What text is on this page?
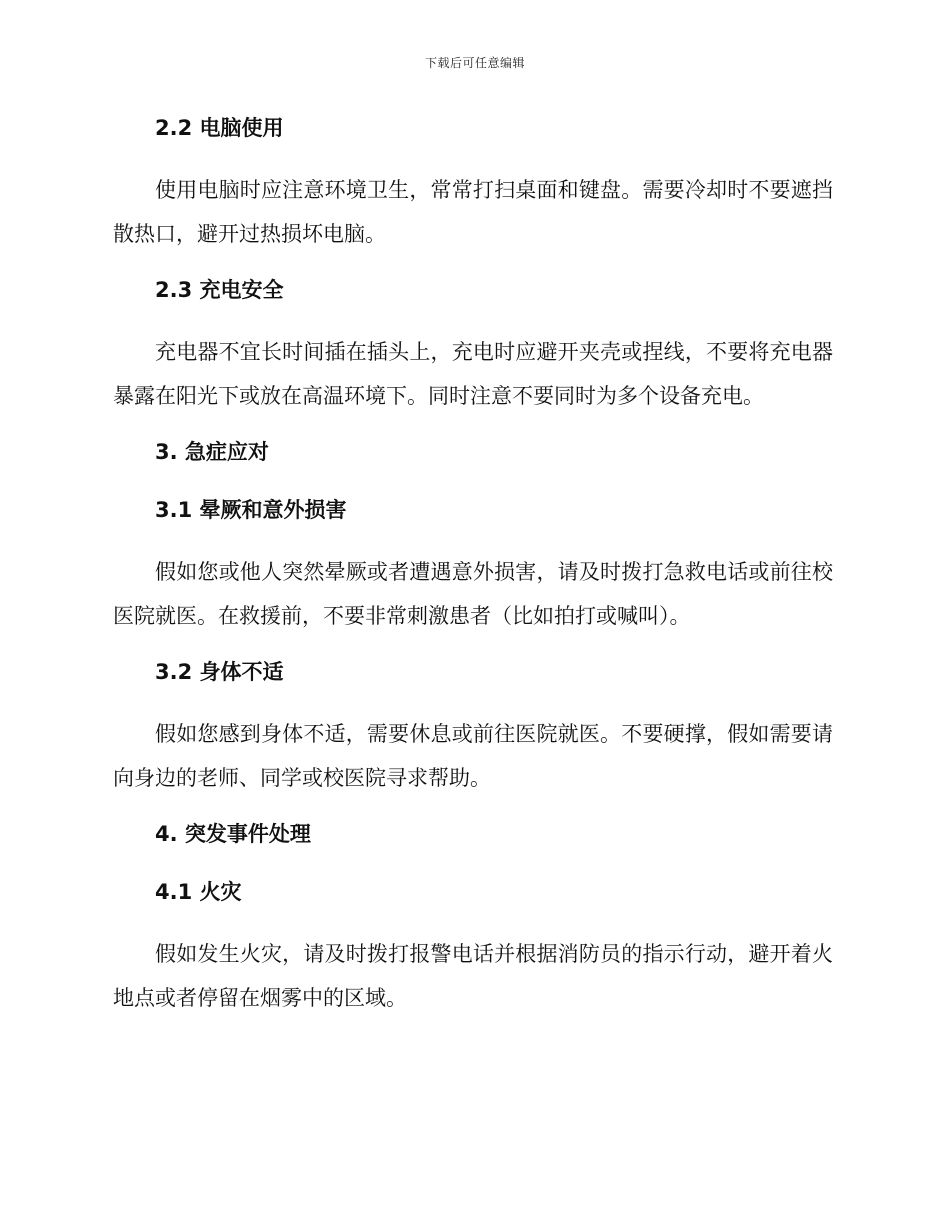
下载后可任意编辑
2.2 电脑使用

使用电脑时应注意环境卫生，常常打扫桌面和键盘。需要冷却时不要遮挡散热口，避开过热损坏电脑。

2.3 充电安全

充电器不宜长时间插在插头上，充电时应避开夹壳或捏线，不要将充电器暴露在阳光下或放在高温环境下。同时注意不要同时为多个设备充电。

3. 急症应对
3.1 晕厥和意外损害

假如您或他人突然晕厥或者遭遇意外损害，请及时拨打急救电话或前往校医院就医。在救援前，不要非常刺激患者（比如拍打或喊叫）。

3.2 身体不适

假如您感到身体不适，需要休息或前往医院就医。不要硬撑，假如需要请向身边的老师、同学或校医院寻求帮助。

4. 突发事件处理
4.1 火灾

假如发生火灾，请及时拨打报警电话并根据消防员的指示行动，避开着火地点或者停留在烟雾中的区域。
